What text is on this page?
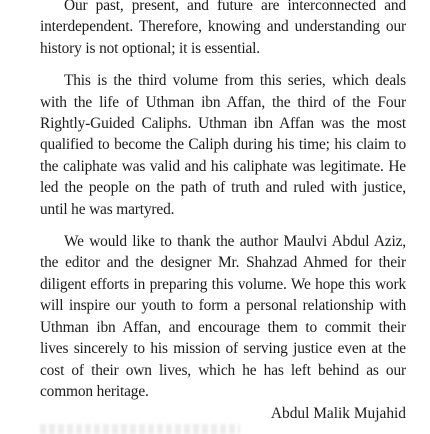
Our past, present, and future are interconnected and interdependent. Therefore, knowing and understanding our history is not optional; it is essential.

This is the third volume from this series, which deals with the life of Uthman ibn Affan, the third of the Four Rightly-Guided Caliphs. Uthman ibn Affan was the most qualified to become the Caliph during his time; his claim to the caliphate was valid and his caliphate was legitimate. He led the people on the path of truth and ruled with justice, until he was martyred.

We would like to thank the author Maulvi Abdul Aziz, the editor and the designer Mr. Shahzad Ahmed for their diligent efforts in preparing this volume. We hope this work will inspire our youth to form a personal relationship with Uthman ibn Affan, and encourage them to commit their lives sincerely to his mission of serving justice even at the cost of their own lives, which he has left behind as our common heritage.

Abdul Malik Mujahid
